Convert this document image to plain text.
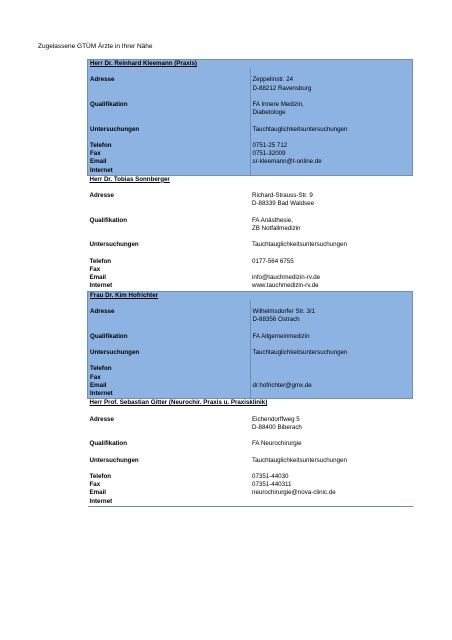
Zugelassene GTÜM Ärzte in Ihrer Nähe
Herr Dr. Reinhard Kleemann (Praxis)	

Adresse	Zeppelinstr. 24
	D-88212 Ravensburg

Qualifikation	FA Innere Medizin,
	Diabetologe

Untersuchungen	Tauchtauglichkeitsuntersuchungen

Telefon	0751-25 712
Fax	0751-32009
Email	sr-kleemann@t-online.de
Internet	
Herr Dr. Tobias Sonnberger	

Adresse	Richard-Strauss-Str. 9
	D-88339 Bad Waldsee

Qualifikation	FA Anästhesie,
	ZB Notfallmedizin

Untersuchungen	Tauchtauglichkeitsuntersuchungen

Telefon	0177-564 6755
Fax	
Email	info@tauchmedizin-rv.de
Internet	www.tauchmedizin-rv.de
Frau Dr. Kim Hofrichter	

Adresse	Wilhelmsdorfer Str. 3/1
	D-88356 Ostrach

Qualifikation	FA Allgemeinmedizin

Untersuchungen	Tauchtauglichkeitsuntersuchungen

Telefon	
Fax	
Email	dr.hofrichter@gmx.de
Internet	
Herr Prof. Sebastian Gitter (Neurochir. Praxis u. Praxisklinik)	

Adresse	Eichendorffweg 5
	D-88400 Biberach

Qualifikation	FA Neurochirurgie

Untersuchungen	Tauchtauglichkeitsuntersuchungen

Telefon	07351-44030
Fax	07351-440311
Email	neurochirurgie@nova-clinic.de
Internet	
